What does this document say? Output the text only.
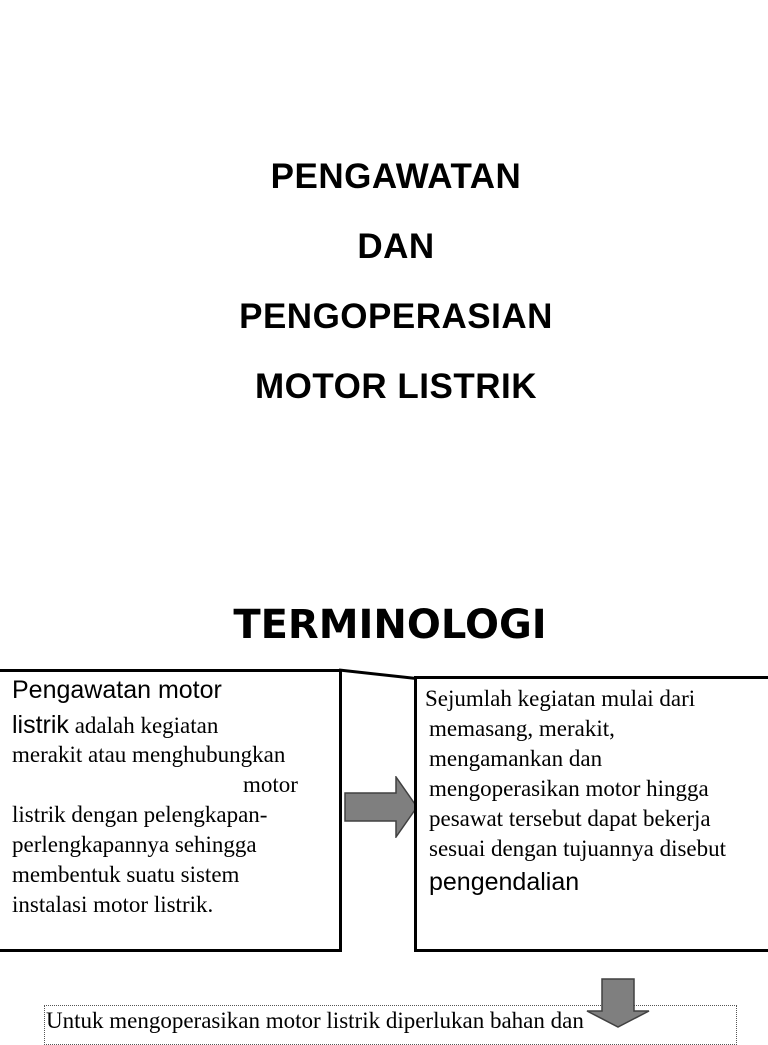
PENGAWATAN
DAN
PENGOPERASIAN
MOTOR LISTRIK
TERMINOLOGI
Pengawatan motor
listrik adalah kegiatan
merakit atau menghubungkan
motor
listrik dengan pelengkapan-
perlengkapannya sehingga
membentuk suatu sistem
instalasi motor listrik.
Sejumlah kegiatan mulai dari
memasang, merakit,
mengamankan dan
mengoperasikan motor hingga
pesawat tersebut dapat bekerja
sesuai dengan tujuannya disebut
pengendalian
Untuk mengoperasikan motor listrik diperlukan bahan dan
